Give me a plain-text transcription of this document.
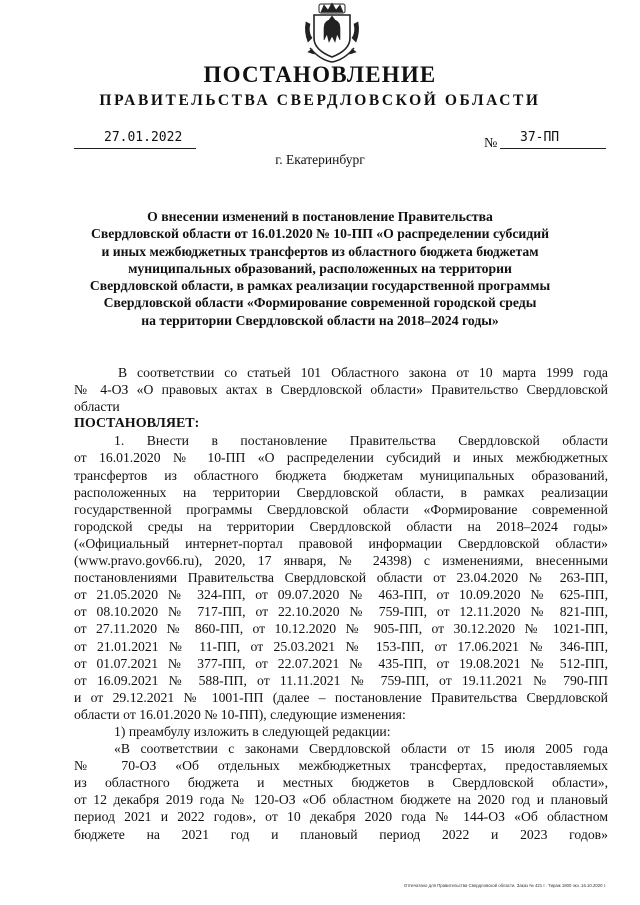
ПОСТАНОВЛЕНИЕ
ПРАВИТЕЛЬСТВА СВЕРДЛОВСКОЙ ОБЛАСТИ
27.01.2022	№ 37-ПП
г. Екатеринбург
О внесении изменений в постановление Правительства
Свердловской области от 16.01.2020 № 10-ПП «О распределении субсидий
и иных межбюджетных трансфертов из областного бюджета бюджетам
муниципальных образований, расположенных на территории
Свердловской области, в рамках реализации государственной программы
Свердловской области «Формирование современной городской среды
на территории Свердловской области на 2018–2024 годы»
В соответствии со статьей 101 Областного закона от 10 марта 1999 года
№ 4-ОЗ «О правовых актах в Свердловской области» Правительство Свердловской
области
ПОСТАНОВЛЯЕТ:
1. Внести в постановление Правительства Свердловской области
от 16.01.2020 № 10-ПП «О распределении субсидий и иных межбюджетных
трансфертов из областного бюджета бюджетам муниципальных образований,
расположенных на территории Свердловской области, в рамках реализации
государственной программы Свердловской области «Формирование современной
городской среды на территории Свердловской области на 2018–2024 годы»
(«Официальный интернет-портал правовой информации Свердловской области»
(www.pravo.gov66.ru), 2020, 17 января, № 24398) с изменениями, внесенными
постановлениями Правительства Свердловской области от 23.04.2020 № 263-ПП,
от 21.05.2020 № 324-ПП, от 09.07.2020 № 463-ПП, от 10.09.2020 № 625-ПП,
от 08.10.2020 № 717-ПП, от 22.10.2020 № 759-ПП, от 12.11.2020 № 821-ПП,
от 27.11.2020 № 860-ПП, от 10.12.2020 № 905-ПП, от 30.12.2020 № 1021-ПП,
от 21.01.2021 № 11-ПП, от 25.03.2021 № 153-ПП, от 17.06.2021 № 346-ПП,
от 01.07.2021 № 377-ПП, от 22.07.2021 № 435-ПП, от 19.08.2021 № 512-ПП,
от 16.09.2021 № 588-ПП, от 11.11.2021 № 759-ПП, от 19.11.2021 № 790-ПП
и от 29.12.2021 № 1001-ПП (далее – постановление Правительства Свердловской
области от 16.01.2020 № 10-ПП), следующие изменения:
1) преамбулу изложить в следующей редакции:
«В соответствии с законами Свердловской области от 15 июля 2005 года
№ 70-ОЗ «Об отдельных межбюджетных трансфертах, предоставляемых
из областного бюджета и местных бюджетов в Свердловской области»,
от 12 декабря 2019 года № 120-ОЗ «Об областном бюджете на 2020 год и плановый
период 2021 и 2022 годов», от 10 декабря 2020 года № 144-ОЗ «Об областном
бюджете на 2021 год и плановый период 2022 и 2023 годов»
Отпечатано для Правительства Свердловской области. Заказ № 421 I . Тираж 1800 экз. 16.10.2020 г.
